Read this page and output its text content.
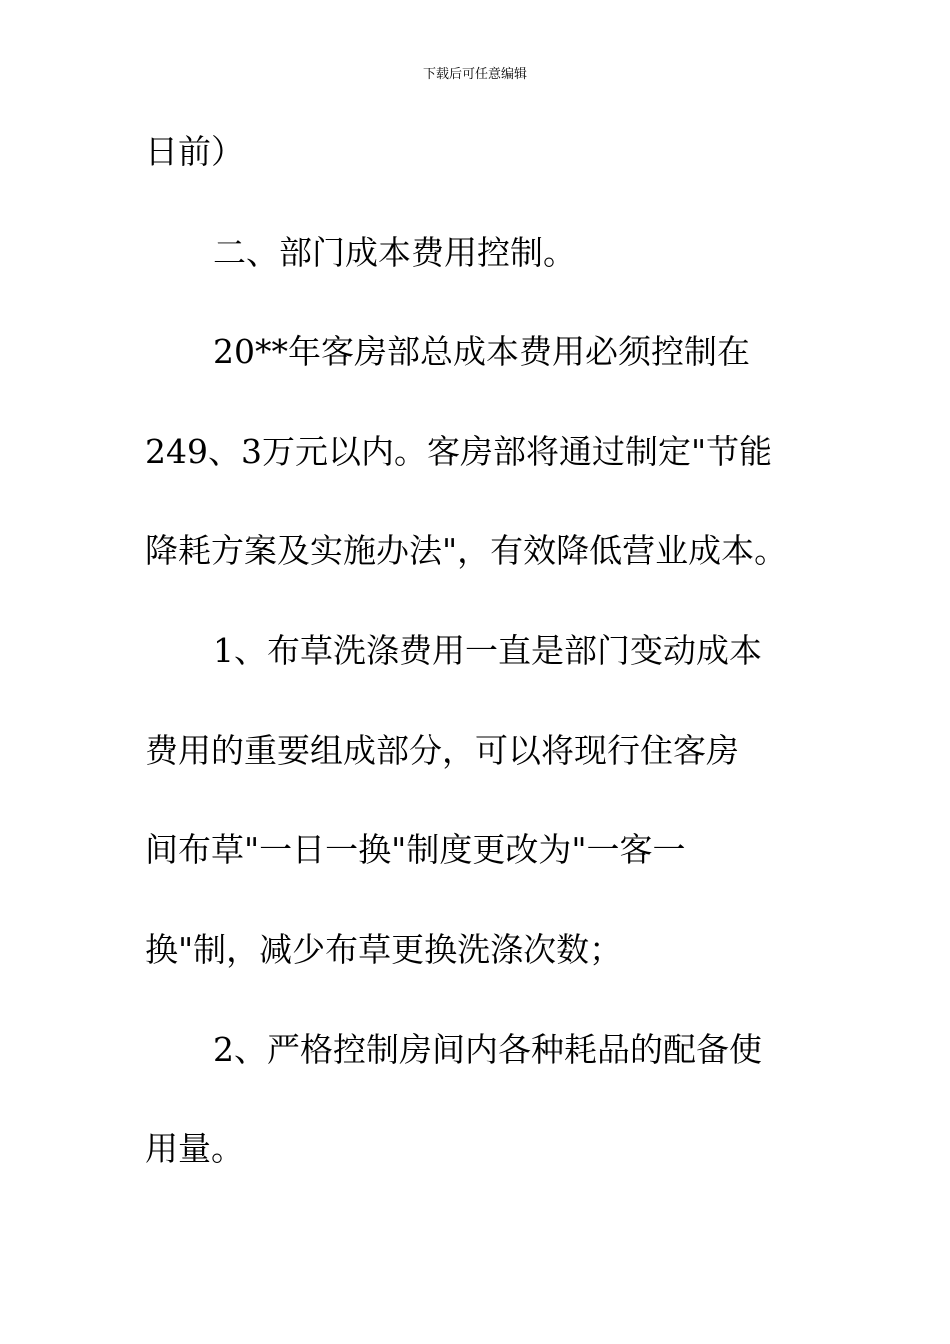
下载后可任意编辑
日前）
二、部门成本费用控制。
20**年客房部总成本费用必须控制在
249、3万元以内。客房部将通过制定"节能
降耗方案及实施办法"，有效降低营业成本。
1、布草洗涤费用一直是部门变动成本
费用的重要组成部分，可以将现行住客房
间布草"一日一换"制度更改为"一客一
换"制，减少布草更换洗涤次数；
2、严格控制房间内各种耗品的配备使
用量。
